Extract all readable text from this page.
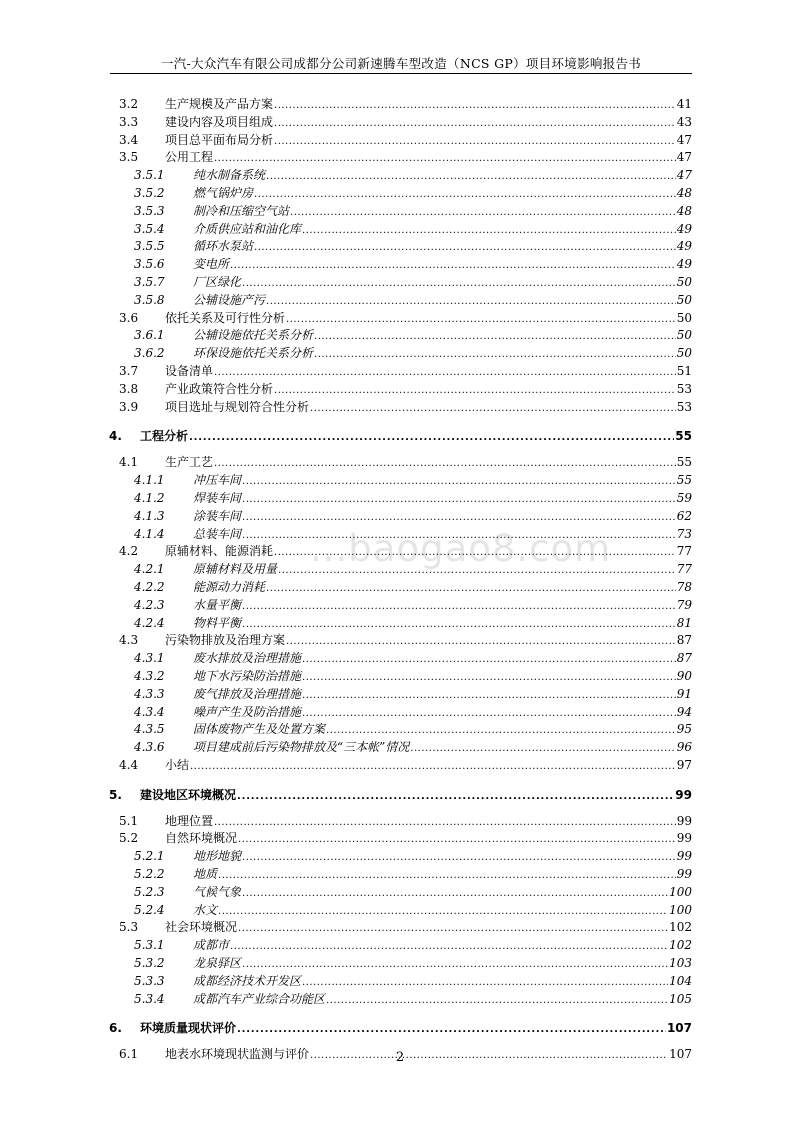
一汽-大众汽车有限公司成都分公司新速腾车型改造（NCS GP）项目环境影响报告书
...baogao8.com
3.2 生产规模及产品方案 .....	41
3.3 建设内容及项目组成 .....	43
3.4 项目总平面布局分析 .....	47
3.5 公用工程 .....	47
3.5.1 纯水制备系统 .....	47
3.5.2 燃气锅炉房 .....	48
3.5.3 制冷和压缩空气站 .....	48
3.5.4 介质供应站和油化库 .....	49
3.5.5 循环水泵站 .....	49
3.5.6 变电所 .....	49
3.5.7 厂区绿化 .....	50
3.5.8 公辅设施产污 .....	50
3.6 依托关系及可行性分析 .....	50
3.6.1 公辅设施依托关系分析 .....	50
3.6.2 环保设施依托关系分析 .....	50
3.7 设备清单 .....	51
3.8 产业政策符合性分析 .....	53
3.9 项目选址与规划符合性分析 .....	53
4. 工程分析 .....	55
4.1 生产工艺 .....	55
4.1.1 冲压车间 .....	55
4.1.2 焊装车间 .....	59
4.1.3 涂装车间 .....	62
4.1.4 总装车间 .....	73
4.2 原辅材料、能源消耗 .....	77
4.2.1 原辅材料及用量 .....	77
4.2.2 能源动力消耗 .....	78
4.2.3 水量平衡 .....	79
4.2.4 物料平衡 .....	81
4.3 污染物排放及治理方案 .....	87
4.3.1 废水排放及治理措施 .....	87
4.3.2 地下水污染防治措施 .....	90
4.3.3 废气排放及治理措施 .....	91
4.3.4 噪声产生及防治措施 .....	94
4.3.5 固体废物产生及处置方案 .....	95
4.3.6 项目建成前后污染物排放及“三本帐”情况 .....	96
4.4 小结 .....	97
5. 建设地区环境概况 .....	99
5.1 地理位置 .....	99
5.2 自然环境概况 .....	99
5.2.1 地形地貌 .....	99
5.2.2 地质 .....	99
5.2.3 气候气象 .....	100
5.2.4 水文 .....	100
5.3 社会环境概况 .....	102
5.3.1 成都市 .....	102
5.3.2 龙泉驿区 .....	103
5.3.3 成都经济技术开发区 .....	104
5.3.4 成都汽车产业综合功能区 .....	105
6. 环境质量现状评价 .....	107
6.1 地表水环境现状监测与评价 .....	107
2
